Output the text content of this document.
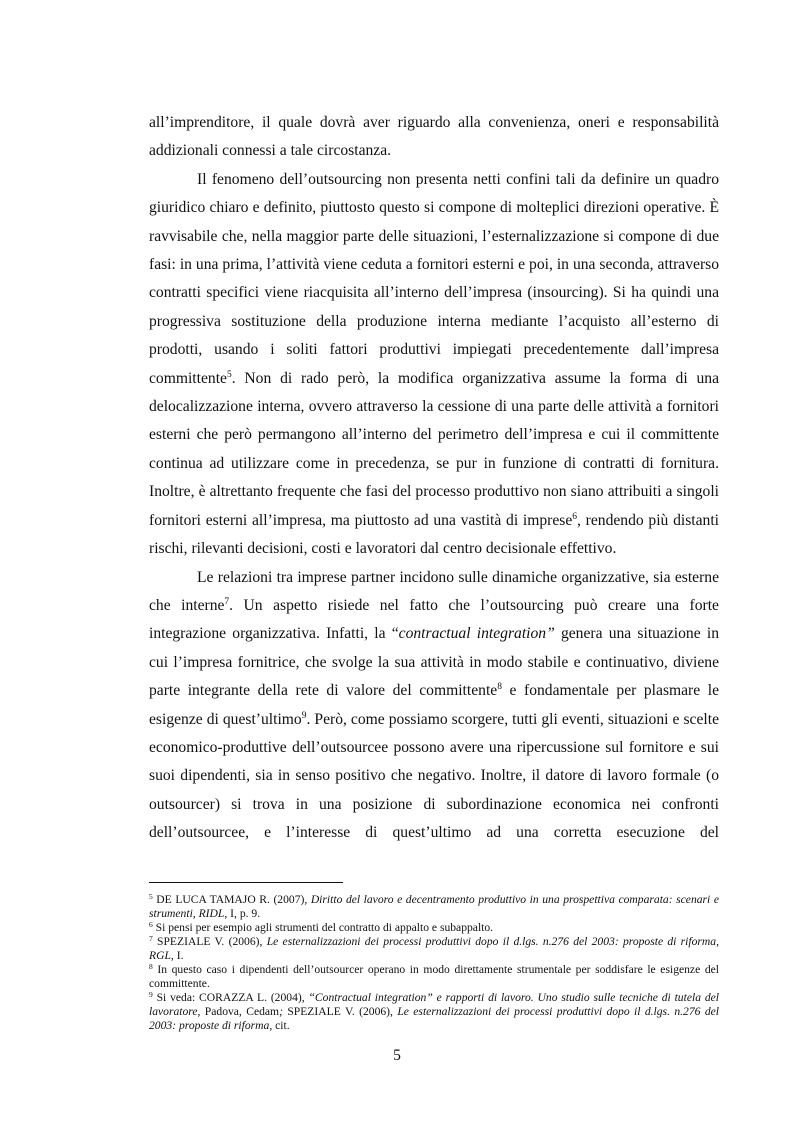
all’imprenditore, il quale dovrà aver riguardo alla convenienza, oneri e responsabilità addizionali connessi a tale circostanza.

Il fenomeno dell’outsourcing non presenta netti confini tali da definire un quadro giuridico chiaro e definito, piuttosto questo si compone di molteplici direzioni operative. È ravvisabile che, nella maggior parte delle situazioni, l’esternalizzazione si compone di due fasi: in una prima, l’attività viene ceduta a fornitori esterni e poi, in una seconda, attraverso contratti specifici viene riacquisita all’interno dell’impresa (insourcing). Si ha quindi una progressiva sostituzione della produzione interna mediante l’acquisto all’esterno di prodotti, usando i soliti fattori produttivi impiegati precedentemente dall’impresa committente$^5$. Non di rado però, la modifica organizzativa assume la forma di una delocalizzazione interna, ovvero attraverso la cessione di una parte delle attività a fornitori esterni che però permangono all’interno del perimetro dell’impresa e cui il committente continua ad utilizzare come in precedenza, se pur in funzione di contratti di fornitura. Inoltre, è altrettanto frequente che fasi del processo produttivo non siano attribuiti a singoli fornitori esterni all’impresa, ma piuttosto ad una vastità di imprese$^6$, rendendo più distanti rischi, rilevanti decisioni, costi e lavoratori dal centro decisionale effettivo.

Le relazioni tra imprese partner incidono sulle dinamiche organizzative, sia esterne che interne$^7$. Un aspetto risiede nel fatto che l’outsourcing può creare una forte integrazione organizzativa. Infatti, la “contractual integration” genera una situazione in cui l’impresa fornitrice, che svolge la sua attività in modo stabile e continuativo, diviene parte integrante della rete di valore del committente$^8$ e fondamentale per plasmare le esigenze di quest’ultimo$^9$. Però, come possiamo scorgere, tutti gli eventi, situazioni e scelte economico-produttive dell’outsourcee possono avere una ripercussione sul fornitore e sui suoi dipendenti, sia in senso positivo che negativo. Inoltre, il datore di lavoro formale (o outsourcer) si trova in una posizione di subordinazione economica nei confronti dell’outsourcee, e l’interesse di quest’ultimo ad una corretta esecuzione del

$^5$ DE LUCA TAMAJO R. (2007), Diritto del lavoro e decentramento produttivo in una prospettiva comparata: scenari e strumenti, RIDL, I, p. 9.

$^6$ Si pensi per esempio agli strumenti del contratto di appalto e subappalto.

$^7$ SPEZIALE V. (2006), Le esternalizzazioni dei processi produttivi dopo il d.lgs. n.276 del 2003: proposte di riforma, RGL, I.

$^8$ In questo caso i dipendenti dell’outsourcer operano in modo direttamente strumentale per soddisfare le esigenze del committente.

$^9$ Si veda: CORAZZA L. (2004), “Contractual integration” e rapporti di lavoro. Uno studio sulle tecniche di tutela del lavoratore, Padova, Cedam; SPEZIALE V. (2006), Le esternalizzazioni dei processi produttivi dopo il d.lgs. n.276 del 2003: proposte di riforma, cit.

5
